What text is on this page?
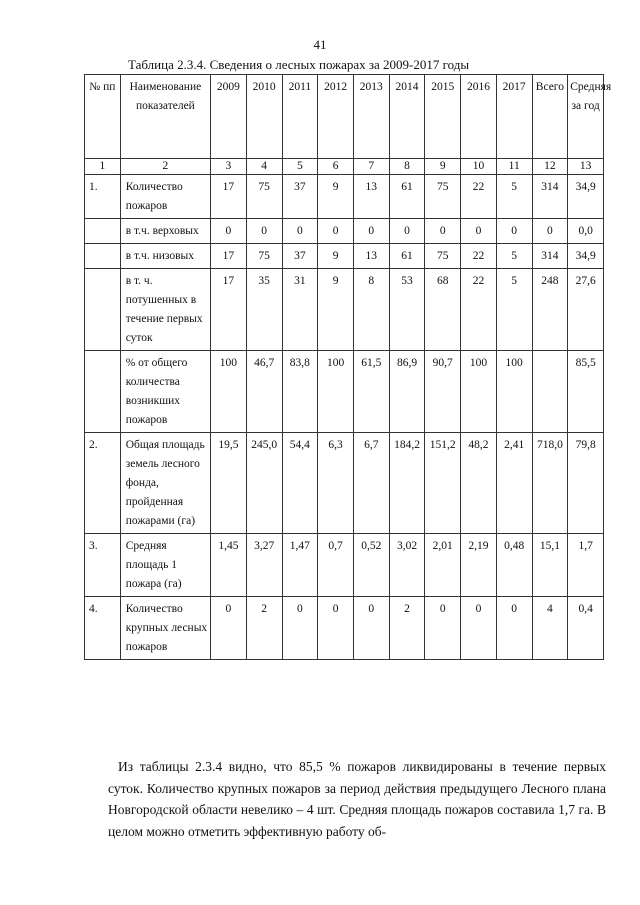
41
Таблица 2.3.4. Сведения о лесных пожарах за 2009-2017 годы
№ пп	Наименование показателей	2009	2010	2011	2012	2013	2014	2015	2016	2017	Всего	Средняя за год
1	2	3	4	5	6	7	8	9	10	11	12	13
1.	Количество пожаров	17	75	37	9	13	61	75	22	5	314	34,9
	в т.ч. верховых	0	0	0	0	0	0	0	0	0	0	0,0
	в т.ч. низовых	17	75	37	9	13	61	75	22	5	314	34,9
	в т. ч. потушенных в течение первых суток	17	35	31	9	8	53	68	22	5	248	27,6
	% от общего количества возникших пожаров	100	46,7	83,8	100	61,5	86,9	90,7	100	100		85,5
2.	Общая площадь земель лесного фонда, пройденная пожарами (га)	19,5	245,0	54,4	6,3	6,7	184,2	151,2	48,2	2,41	718,0	79,8
3.	Средняя площадь 1 пожара (га)	1,45	3,27	1,47	0,7	0,52	3,02	2,01	2,19	0,48	15,1	1,7
4.	Количество крупных лесных пожаров	0	2	0	0	0	2	0	0	0	4	0,4

Из таблицы 2.3.4 видно, что 85,5 % пожаров ликвидированы в течение первых суток. Количество крупных пожаров за период действия предыдущего Лесного плана Новгородской области невелико – 4 шт. Средняя площадь пожаров составила 1,7 га. В целом можно отметить эффективную работу об-
